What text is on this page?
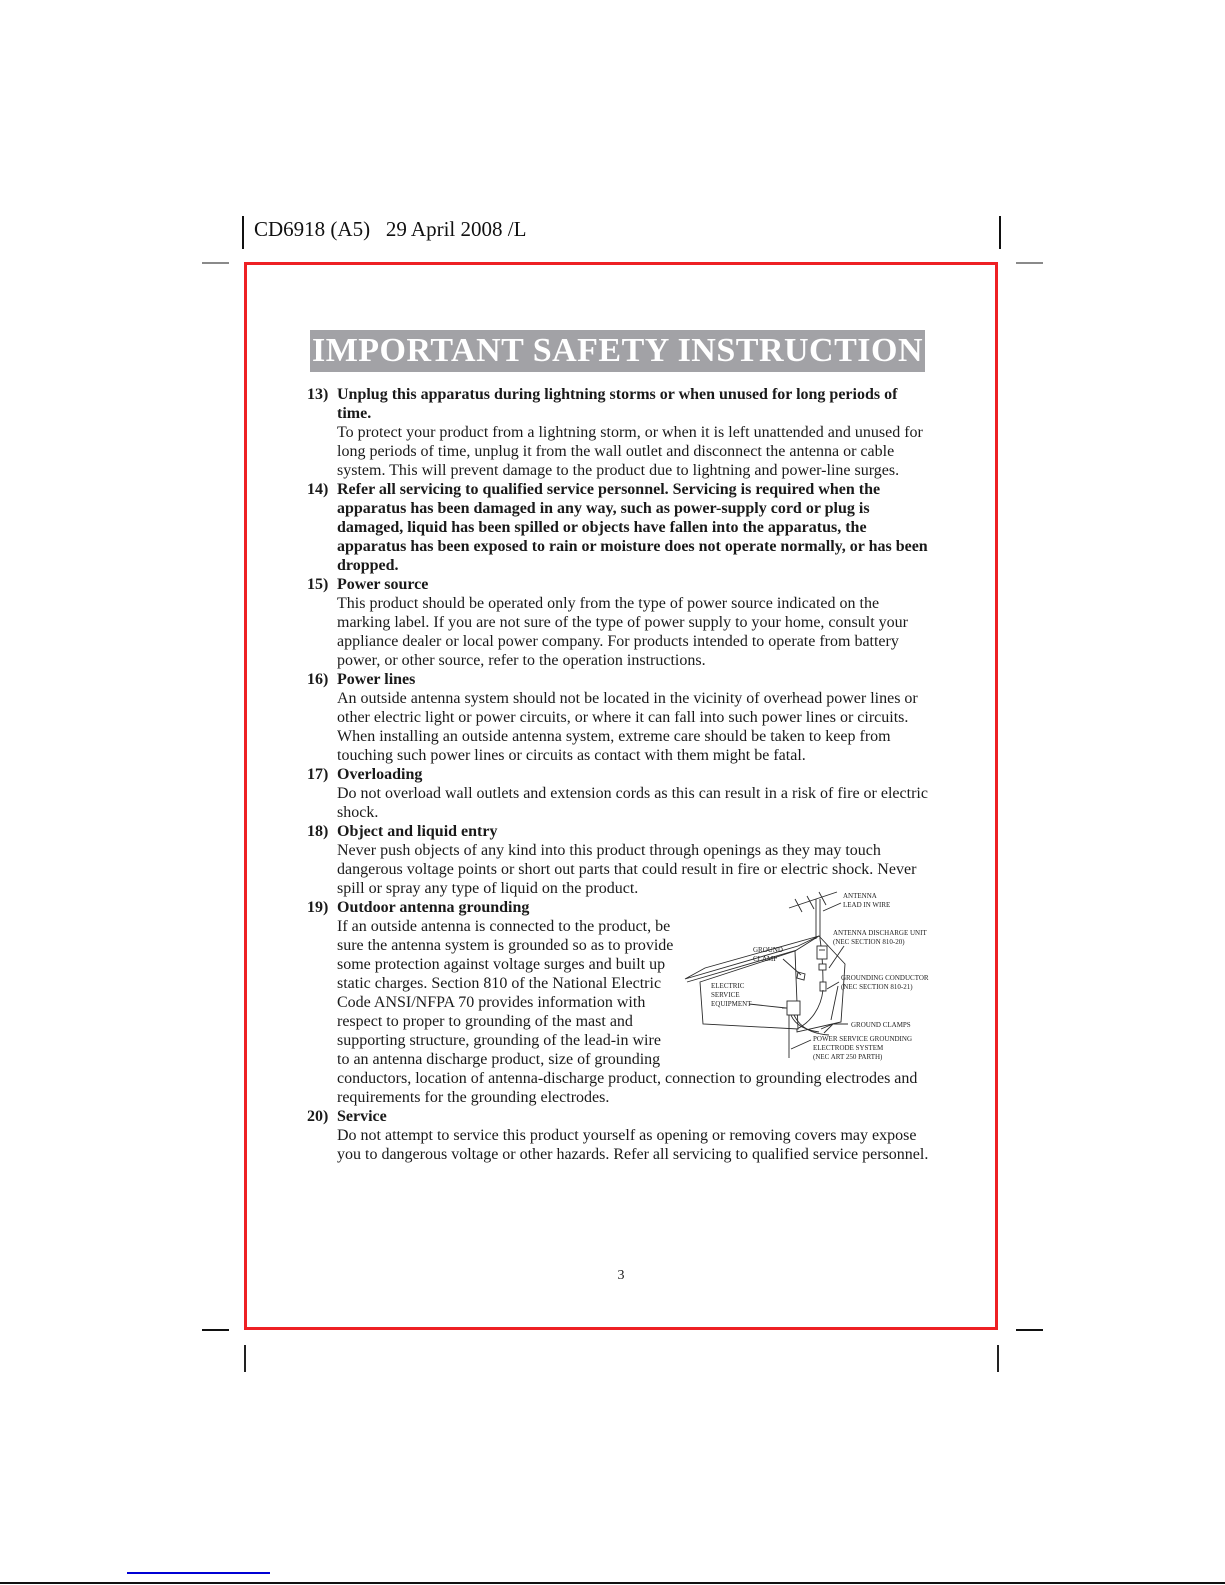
CD6918 (A5)   29 April 2008 /L
IMPORTANT SAFETY INSTRUCTION
13) Unplug this apparatus during lightning storms or when unused for long periods of time.
To protect your product from a lightning storm, or when it is left unattended and unused for long periods of time, unplug it from the wall outlet and disconnect the antenna or cable system. This will prevent damage to the product due to lightning and power-line surges.
14) Refer all servicing to qualified service personnel. Servicing is required when the apparatus has been damaged in any way, such as power-supply cord or plug is damaged, liquid has been spilled or objects have fallen into the apparatus, the apparatus has been exposed to rain or moisture does not operate normally, or has been dropped.
15) Power source
This product should be operated only from the type of power source indicated on the marking label. If you are not sure of the type of power supply to your home, consult your appliance dealer or local power company. For products intended to operate from battery power, or other source, refer to the operation instructions.
16) Power lines
An outside antenna system should not be located in the vicinity of overhead power lines or other electric light or power circuits, or where it can fall into such power lines or circuits. When installing an outside antenna system, extreme care should be taken to keep from touching such power lines or circuits as contact with them might be fatal.
17) Overloading
Do not overload wall outlets and extension cords as this can result in a risk of fire or electric shock.
18) Object and liquid entry
Never push objects of any kind into this product through openings as they may touch dangerous voltage points or short out parts that could result in fire or electric shock. Never spill or spray any type of liquid on the product.
19)
ANTENNA
LEAD IN WIRE
ANTENNA DISCHARGE UNIT
(NEC SECTION 810-20)
GROUND
CLAMP
GROUNDING CONDUCTOR
(NEC SECTION 810-21)
ELECTRIC
SERVICE
EQUIPMENT
GROUND CLAMPS
POWER SERVICE GROUNDING
ELECTRODE SYSTEM
(NEC ART 250 PARTH)
Outdoor antenna grounding
If an outside antenna is connected to the product, be sure the antenna system is grounded so as to provide some protection against voltage surges and built up static charges. Section 810 of the National Electric Code ANSI/NFPA 70 provides information with respect to proper to grounding of the mast and supporting structure, grounding of the lead-in wire to an antenna discharge product, size of grounding conductors, location of antenna-discharge product, connection to grounding electrodes and requirements for the grounding electrodes.
20) Service
Do not attempt to service this product yourself as opening or removing covers may expose you to dangerous voltage or other hazards. Refer all servicing to qualified service personnel.
3
